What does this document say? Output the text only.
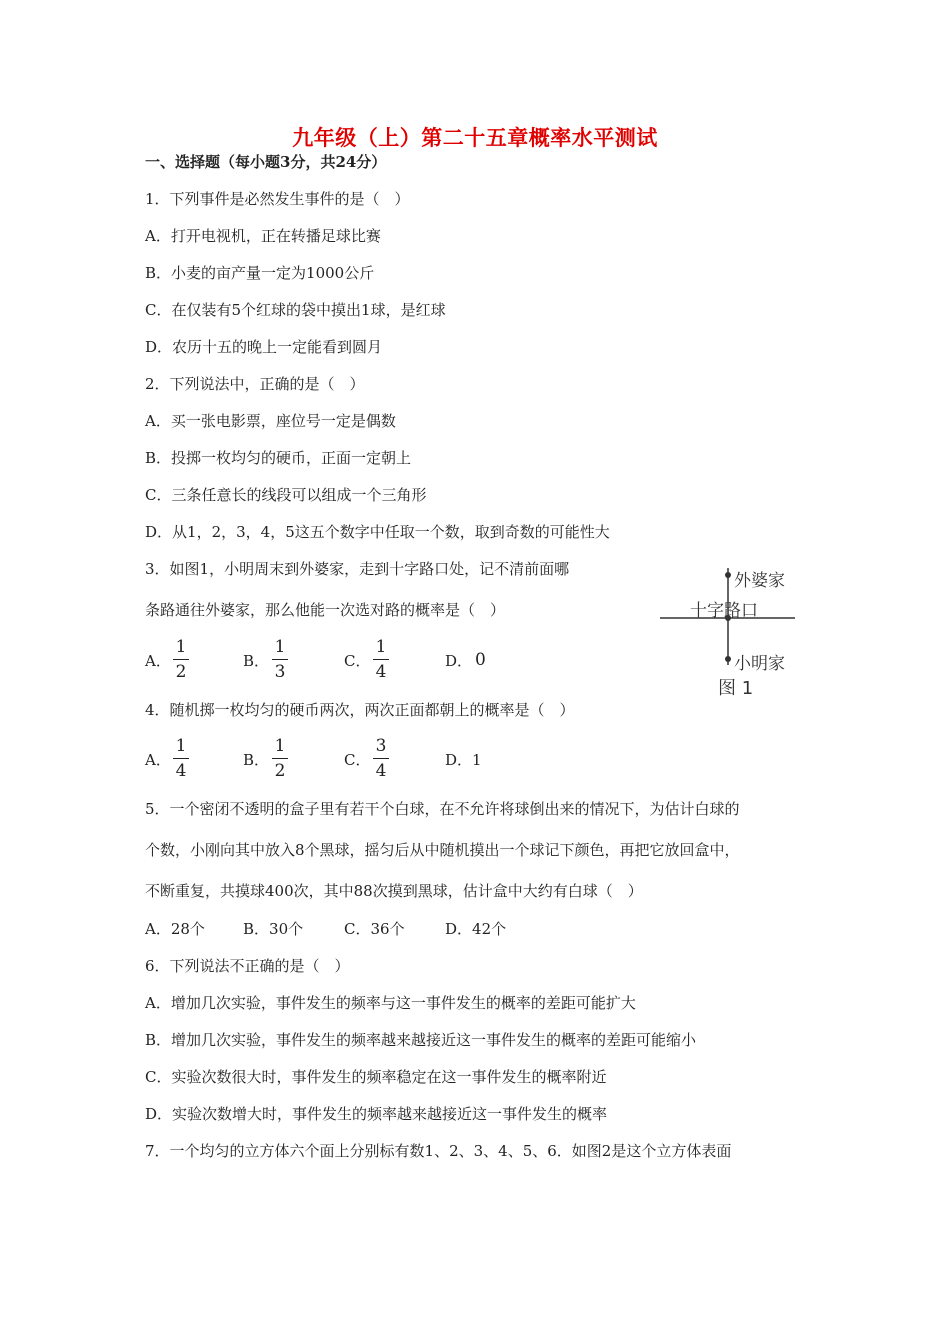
九年级（上）第二十五章概率水平测试
一、选择题（每小题3分，共24分）
1．下列事件是必然发生事件的是（　）
A．打开电视机，正在转播足球比赛
B．小麦的亩产量一定为1000公斤
C．在仅装有5个红球的袋中摸出1球，是红球
D．农历十五的晚上一定能看到圆月
2．下列说法中，正确的是（　）
A．买一张电影票，座位号一定是偶数
B．投掷一枚均匀的硬币，正面一定朝上
C．三条任意长的线段可以组成一个三角形
D．从1，2，3，4，5这五个数字中任取一个数，取到奇数的可能性大
3．如图1，小明周末到外婆家，走到十字路口处，记不清前面哪
条路通往外婆家，那么他能一次选对路的概率是（　）
A．
1
2
B．
1
3
C．
1
4
D． 0
外婆家
十字路口
小明家
图 1
4．随机掷一枚均匀的硬币两次，两次正面都朝上的概率是（　）
A．
1
4
B．
1
2
C．
3
4
D．1
5．一个密闭不透明的盒子里有若干个白球，在不允许将球倒出来的情况下，为估计白球的
个数，小刚向其中放入8个黑球，摇匀后从中随机摸出一个球记下颜色，再把它放回盒中，
不断重复，共摸球400次，其中88次摸到黑球，估计盒中大约有白球（　）
A．28个	B．30个	C．36个	D．42个
6．下列说法不正确的是（　）
A．增加几次实验，事件发生的频率与这一事件发生的概率的差距可能扩大
B．增加几次实验，事件发生的频率越来越接近这一事件发生的概率的差距可能缩小
C．实验次数很大时，事件发生的频率稳定在这一事件发生的概率附近
D．实验次数增大时，事件发生的频率越来越接近这一事件发生的概率
7．一个均匀的立方体六个面上分别标有数1、2、3、4、5、6．如图2是这个立方体表面
